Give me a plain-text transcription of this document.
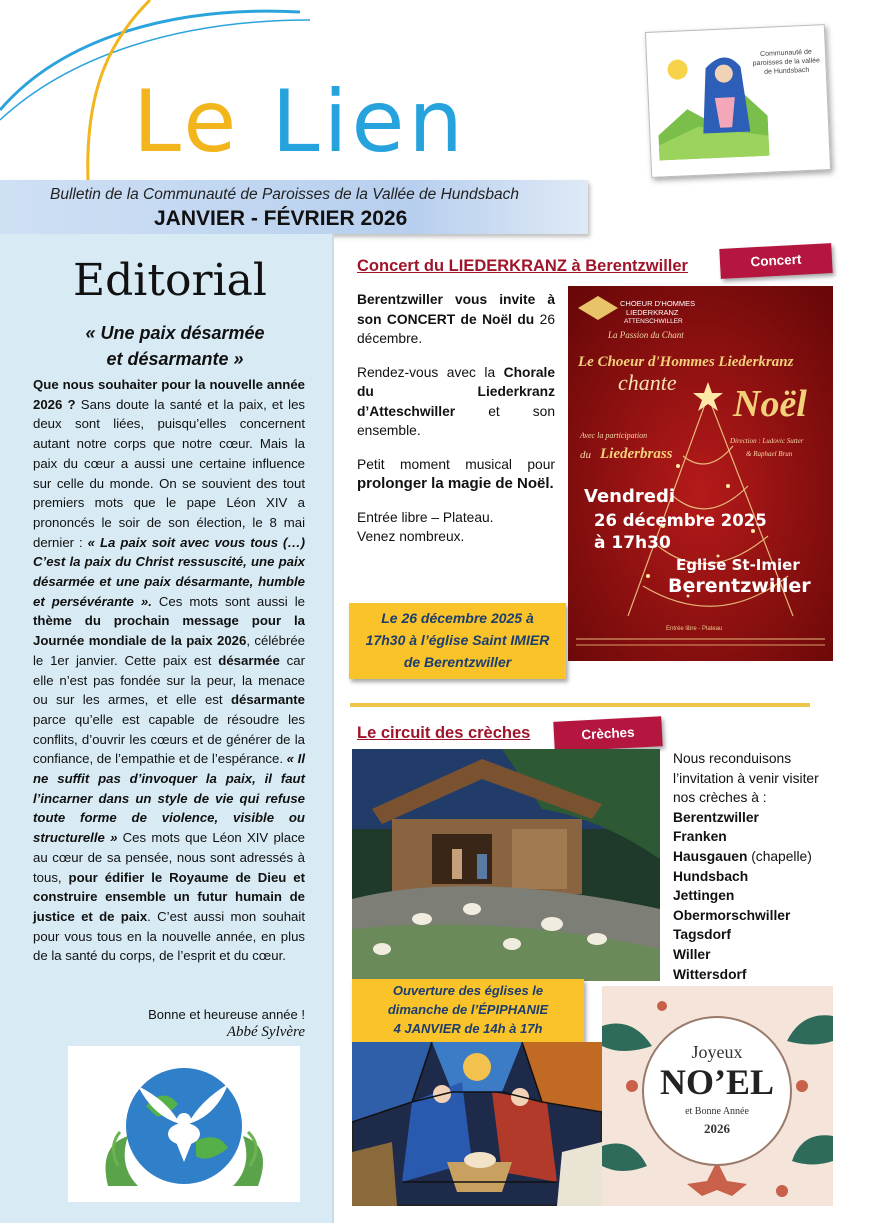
Le Lien
Communauté de paroisses de la vallée de Hundsbach
Bulletin de la Communauté de Paroisses de la Vallée de Hundsbach
JANVIER - FÉVRIER 2026
Editorial
« Une paix désarmée
et désarmante »
Que nous souhaiter pour la nouvelle année 2026 ? Sans doute la santé et la paix, et les deux sont liées, puisqu’elles concernent autant notre corps que notre cœur. Mais la paix du cœur a aussi une certaine influence sur celle du monde. On se souvient des tout premiers mots que le pape Léon XIV a prononcés le soir de son élection, le 8 mai dernier : « La paix soit avec vous tous (…) C’est la paix du Christ ressuscité, une paix désarmée et une paix désarmante, humble et persévérante ». Ces mots sont aussi le thème du prochain message pour la Journée mondiale de la paix 2026, célébrée le 1er janvier. Cette paix est désarmée car elle n’est pas fondée sur la peur, la menace ou sur les armes, et elle est désarmante parce qu’elle est capable de résoudre les conflits, d’ouvrir les cœurs et de générer de la confiance, de l’empathie et de l’espérance. « Il ne suffit pas d’invoquer la paix, il faut l’incarner dans un style de vie qui refuse toute forme de violence, visible ou structurelle » Ces mots que Léon XIV place au cœur de sa pensée, nous sont adressés à tous, pour édifier le Royaume de Dieu et construire ensemble un futur humain de justice et de paix. C’est aussi mon souhait pour vous tous en la nouvelle année, en plus de la santé du corps, de l’esprit et du cœur.
Bonne et heureuse année !
Abbé Sylvère
Concert du LIEDERKRANZ à Berentzwiller	Concert

Berentzwiller vous invite à son CONCERT de Noël du 26 décembre.

Rendez-vous avec la Chorale du Liederkranz d’Atteschwiller et son ensemble.

Petit moment musical pour prolonger la magie de Noël.

Entrée libre – Plateau.
Venez nombreux.
Le 26 décembre 2025 à 17h30 à l’église Saint IMIER de Berentzwiller
CHOEUR D'HOMMES
LIEDERKRANZ
ATTENSCHWILLER
La Passion du Chant
Le Choeur d'Hommes Liederkranz
chante
Noël
Avec la participation
du Liederbrass
Direction : Ludovic Sutter
& Raphael Brun
Vendredi
26 décembre 2025
à 17h30
Eglise St-Imier
Berentzwiller
Entrée libre - Plateau
Le circuit des crèches	Crèches
Nous reconduisons l’invitation à venir visiter nos crèches à :
Berentzwiller
Franken
Hausgauen (chapelle)
Hundsbach
Jettingen
Obermorschwiller
Tagsdorf
Willer
Wittersdorf
Ouverture des églises le
dimanche de l’ÉPIPHANIE
4 JANVIER de 14h à 17h
Joyeux
NO’EL
et Bonne Année
2026
